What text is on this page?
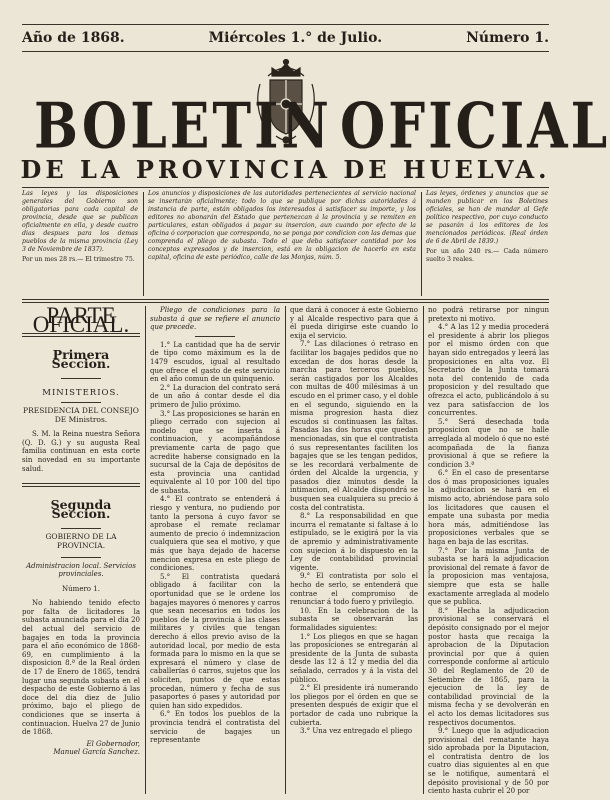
Año de 1868.	Miércoles 1.° de Julio.	Número 1.
BOLETIN OFICIAL
DE LA PROVINCIA DE HUELVA.
Las leyes y las disposiciones generales del Gobierno son obligatorias para cada capital de provincia, desde que se publican oficialmente en ella, y desde cuatro dias despues para los demas pueblos de la misma provincia (Ley 3 de Noviembre de 1837).
Por un mes 28 rs.— El trimestre 75.
Los anuncios y disposiciones de las autoridades pertenecientes al servicio nacional se insertarán oficialmente; todo lo que se publique por dichas autoridades á instancia de parte, están obligados los interesados á satisfacer su importe, y los editores no abonarán del Estado que pertenezcan á la provincia y se remiten en particulares, estan obligados á pagar su insercion, aun cuando por efecto de la oficina ó corporacion que corresponda, no se ponga por condicion con las demas que comprenda el pliego de subasta. Todo el que deba satisfacer cantidad por los conceptos expresados y de insercion, está en la obligacion de hacerlo en esta capital, oficina de este periódico, calle de las Monjas, núm. 5.
Las leyes, órdenes y anuncios que se manden publicar en los Boletines oficiales, se han de mandar al Gefe político respectivo, por cuyo conducto se pasarán á los editores de los mencionados periódicos. (Real órden de 6 de Abril de 1839.)
Por un año 240 rs.— Cada número suelto 3 reales.
PARTE OFICIAL.
Primera Seccion.
MINISTERIOS.
PRESIDENCIA DEL CONSEJO DE Ministros.

S. M. la Reina nuestra Señora (Q. D. G.) y su augusta Real familia continuan en esta corte sin novedad en su importante salud.

Segunda Seccion.
GOBIERNO DE LA PROVINCIA.

Administracion local. Servicios provinciales.

Número 1.

No habiendo tenido efecto por falta de licitadores la subasta anunciada para el dia 20 del actual del servicio de bagajes en toda la provincia para el año económico de 1868-69, en cumplimiento á la disposicion 8.ª de la Real órden de 17 de Enero de 1865, tendrá lugar una segunda subasta en el despacho de este Gobierno á las doce del dia diez de Julio próximo, bajo el pliego de condiciones que se inserta á continuacion. Huelva 27 de Junio de 1868.

El Gobernador,

Manuel García Sanchez.

Pliego de condiciones para la subasta á que se refiere el anuncio que precede.

1.° La cantidad que ha de servir de tipo como máximum es la de 1479 escudos, igual al resultado que ofrece el gasto de este servicio en el año comun de un quinquenio.

2.° La duracion del contrato será de un año á contar desde el dia primero de Julio próximo.

3.° Las proposiciones se harán en pliego cerrado con sujecion al modelo que se inserta á continuacion, y acompañándose previamente carta de pago que acredite haberse consignado en la sucursal de la Caja de depósitos de esta provincia una cantidad equivalente al 10 por 100 del tipo de subasta.

4.° El contrato se entenderá á riesgo y ventura, no pudiendo por tanto la persona á cuyo favor se aprobase el remate reclamar aumento de precio ó indemnizacion cualquiera que sea el motivo, y que más que haya dejado de hacerse mencion expresa en este pliego de condiciones.

5.° El contratista quedará obligado á facilitar con la oportunidad que se le ordene los bagajes mayores ó menores y carros que sean necesarios en todos los pueblos de la provincia á las clases militares y civiles que tengan derecho á ellos previo aviso de la autoridad local, por medio de esta formada para lo mismo en la que se expresará el número y clase de caballerías ó carros, sujetos que los soliciten, puntos de que estas procedan, número y fecha de sus pasaportes ó pases y autoridad por quien han sido expedidos.

6.° En todos los pueblos de la provincia tendrá el contratista del servicio de bagajes un representante

que dará á conocer á este Gobierno y al Alcalde respectivo para que á él pueda dirigirse este cuando lo exija el servicio.

7.° Las dilaciones ó retraso en facilitar los bagajes pedidos que no excedan de dos horas desde la marcha para terceros pueblos, serán castigados por los Alcaldes con multas de 400 milésimas á un escudo en el primer caso, y el doble en el segundo, siguiendo en la misma progresion hasta diez escudos si continuasen las faltas. Pasadas las dos horas que quedan mencionadas, sin que el contratista ó sus representantes faciliten los bagajes que se les tengan pedidos, se les recordará verbalmente de órden del Alcalde la urgencia, y pasados diez minutos desde la intimacion, el Alcalde dispondrá se busquen sea cualquiera su precio á costa del contratista.

8.° La responsabilidad en que incurra el rematante si faltase á lo estipulado, se le exigirá por la via de apremio y administrativamente con sujecion á lo dispuesto en la Ley de contabilidad provincial vigente.

9.° El contratista por solo el hecho de serlo, se entenderá que contrae el compromiso de renunciar á todo fuero y privilegio.

10. En la celebracion de la subasta se observarán las formalidades siguientes:

1.° Los pliegos en que se hagan las proposiciones se entregarán al presidente de la Junta de subasta desde las 12 á 12 y media del dia señalado, cerrados y á la vista del público.

2.° El presidente irá numerando los pliegos por el órden en que se presenten después de exigir que el portador de cada uno rubrique la cubierta.

3.° Una vez entregado el pliego

no podrá retirarse por ningun pretexto ni motivo.

4.° A las 12 y media procederá el presidente á abrir los pliegos por el mismo órden con que hayan sido entregados y leerá las proposiciones en alta voz. El Secretario de la Junta tomará nota del contenido de cada proposicion y del resultado que ofrezca el acto, publicándolo á su vez para satisfaccion de los concurrentes.

5.° Será desechada toda proposicion que no se halle arreglada al modelo ó que no esté acompañada de la fianza provisional á que se refiere la condicion 3.ª

6.° En el caso de presentarse dos ó mas proposiciones iguales la adjudicacion se hará en el mismo acto, abriéndose para solo los licitadores que causen el empate una subasta por media hora más, admitiéndose las proposiciones verbales que se haga en baja de las escritas.

7.° Por la misma Junta de subasta se hará la adjudicacion provisional del remate á favor de la proposicion mas ventajosa, siempre que esta se halle exactamente arreglada al modelo que se publica.

8.° Hecha la adjudicacion provisional se conservará el depósito consignado por el mejor postor hasta que recaiga la aprobacion de la Diputacion provincial por que á quien corresponde conforme al artículo 30 del Reglamento de 20 de Setiembre de 1865, para la ejecucion de la ley de contabilidad provincial de la misma fecha y se devolverán en el acto los demas licitadores sus respectivos documentos.

9.° Luego que la adjudicacion provisional del rematante haya sido aprobada por la Diputacion, el contratista dentro de los cuatro dias siguientes al en que se le notifique, aumentará el depósito provisional y de 50 por ciento hasta cubrir el 20 por
